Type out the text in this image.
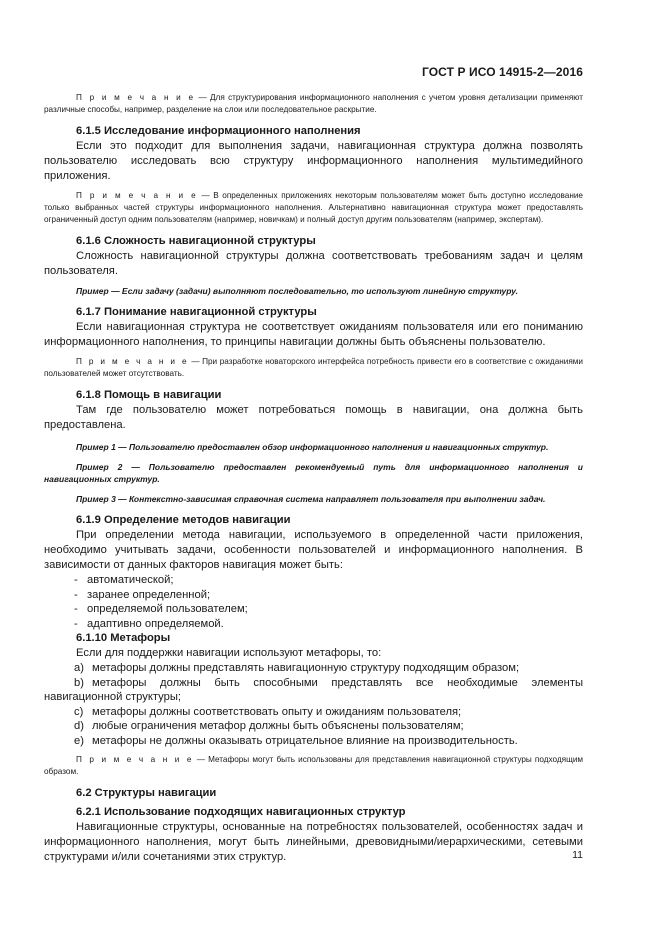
ГОСТ Р ИСО 14915-2—2016

П р и м е ч а н и е — Для структурирования информационного наполнения с учетом уровня детализации применяют различные способы, например, разделение на слои или последовательное раскрытие.

6.1.5 Исследование информационного наполнения

Если это подходит для выполнения задачи, навигационная структура должна позволять пользователю исследовать всю структуру информационного наполнения мультимедийного приложения.

П р и м е ч а н и е — В определенных приложениях некоторым пользователям может быть доступно исследование только выбранных частей структуры информационного наполнения. Альтернативно навигационная структура может предоставлять ограниченный доступ одним пользователям (например, новичкам) и полный доступ другим пользователям (например, экспертам).

6.1.6 Сложность навигационной структуры

Сложность навигационной структуры должна соответствовать требованиям задач и целям пользователя.

Пример — Если задачу (задачи) выполняют последовательно, то используют линейную структуру.

6.1.7 Понимание навигационной структуры

Если навигационная структура не соответствует ожиданиям пользователя или его пониманию информационного наполнения, то принципы навигации должны быть объяснены пользователю.

П р и м е ч а н и е — При разработке новаторского интерфейса потребность привести его в соответствие с ожиданиями пользователей может отсутствовать.

6.1.8 Помощь в навигации

Там где пользователю может потребоваться помощь в навигации, она должна быть предоставлена.

Пример 1 — Пользователю предоставлен обзор информационного наполнения и навигационных структур.

Пример 2 — Пользователю предоставлен рекомендуемый путь для информационного наполнения и навигационных структур.

Пример 3 — Контекстно-зависимая справочная система направляет пользователя при выполнении задач.

6.1.9 Определение методов навигации

При определении метода навигации, используемого в определенной части приложения, необходимо учитывать задачи, особенности пользователей и информационного наполнения. В зависимости от данных факторов навигация может быть:

- автоматической;

- заранее определенной;

- определяемой пользователем;

- адаптивно определяемой.

6.1.10 Метафоры

Если для поддержки навигации используют метафоры, то:

a) метафоры должны представлять навигационную структуру подходящим образом;

b) метафоры должны быть способными представлять все необходимые элементы навигационной структуры;

c) метафоры должны соответствовать опыту и ожиданиям пользователя;

d) любые ограничения метафор должны быть объяснены пользователям;

e) метафоры не должны оказывать отрицательное влияние на производительность.

П р и м е ч а н и е — Метафоры могут быть использованы для представления навигационной структуры подходящим образом.

6.2 Структуры навигации

6.2.1 Использование подходящих навигационных структур

Навигационные структуры, основанные на потребностях пользователей, особенностях задач и информационного наполнения, могут быть линейными, древовидными/иерархическими, сетевыми структурами и/или сочетаниями этих структур.	11
